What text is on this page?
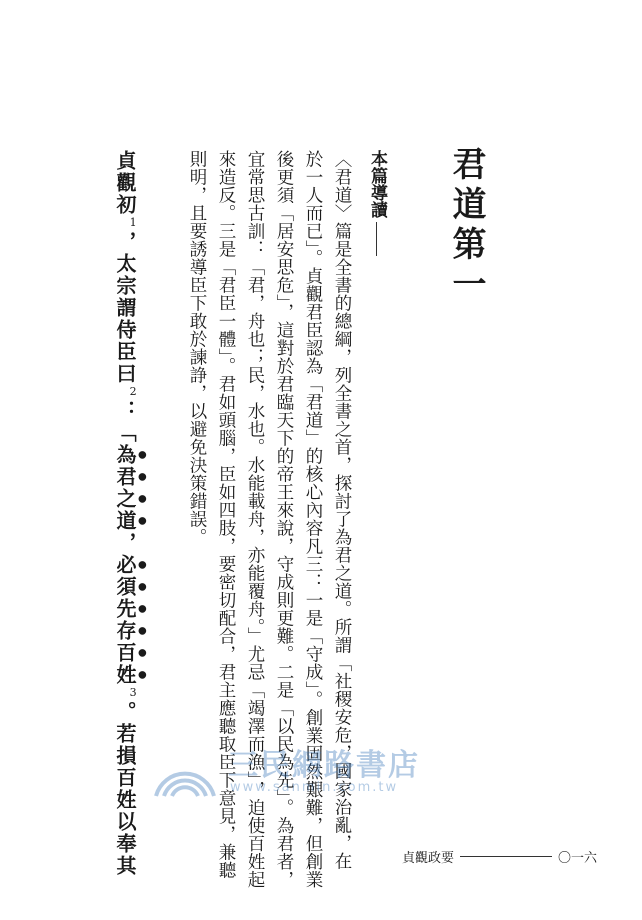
君道第一
本篇導讀
〈君道〉篇是全書的總綱，列全書之首，探討了為君之道。所謂「社稷安危，國家治亂，在
於一人而已」。貞觀君臣認為「君道」的核心內容凡三：一是「守成」。創業固然艱難，但創業
後更須「居安思危」，這對於君臨天下的帝王來說，守成則更難。二是「以民為先」。為君者，
宜常思古訓：「君，舟也；民，水也。水能載舟，亦能覆舟。」尤忌「竭澤而漁」，迫使百姓起
來造反。三是「君臣一體」。君如頭腦，臣如四肢，要密切配合，君主應聽取臣下意見，兼聽
則明，且要誘導臣下敢於諫諍，以避免決策錯誤。
貞觀初$^1$，太宗謂侍臣曰$^2$：「為君之道，必須先存百姓$^3$。若損百姓以奉其	三民網路書店
www.sanmin.com.tw
貞觀政要	〇一六
